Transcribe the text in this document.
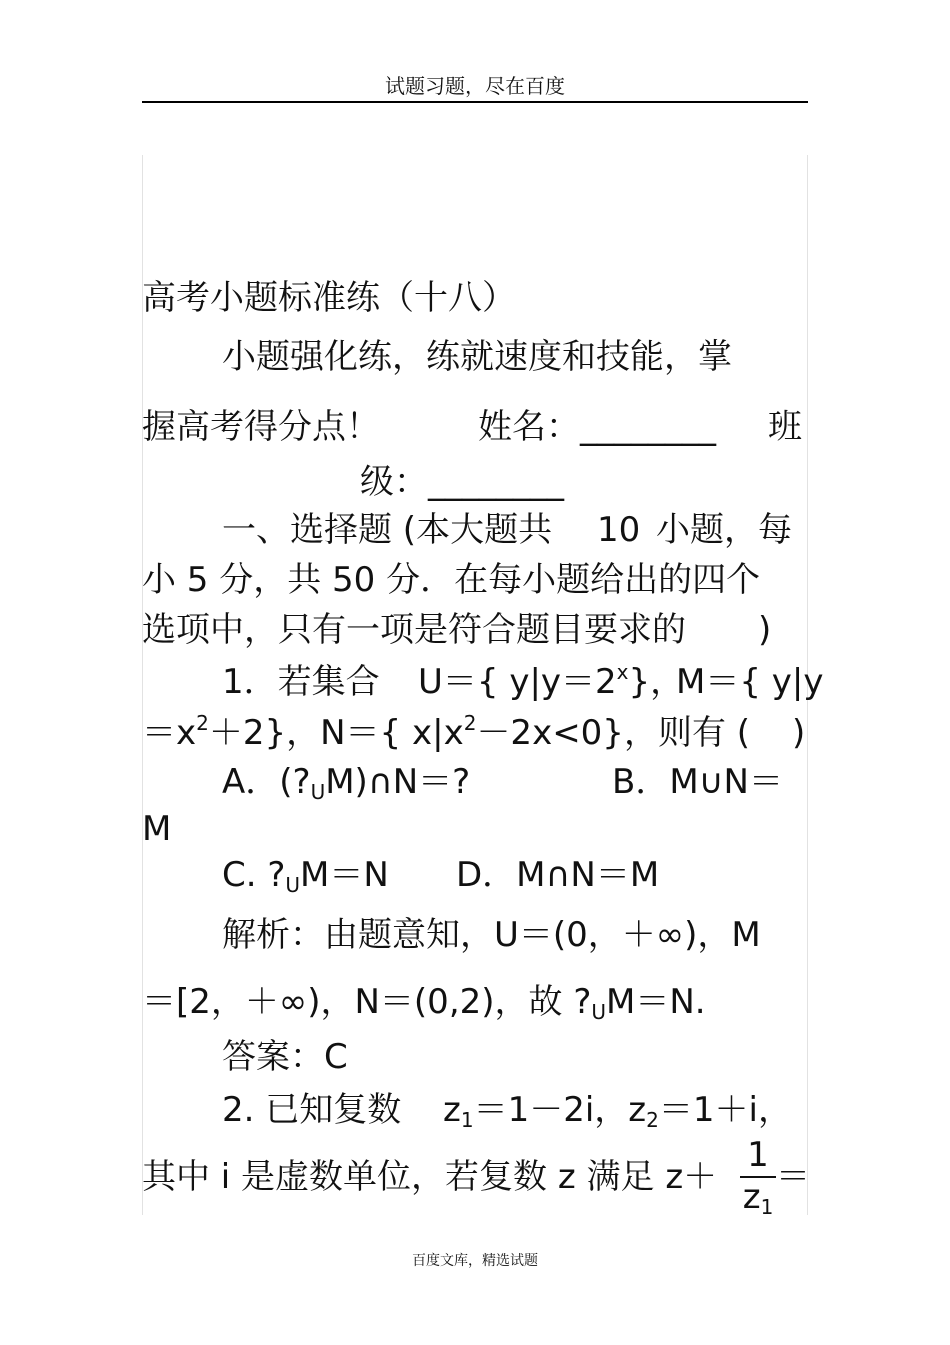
试题习题，尽在百度
高考小题标准练（十八）
小题强化练，练就速度和技能，掌
握高考得分点！	姓名：________ 班
级：________
一、选择题 (本大题共 10 小题，每
小 5 分，共 50 分．在每小题给出的四个
选项中，只有一项是符合题目要求的 )
1．若集合 U＝{ $y|y=2^x$}，
M＝{ y|y
$=x^2+2$}，N＝{ $x|x^2-2x<0$}，则有 ( )
A．$(?_UM)\cap N=$?	B．M∪N＝
M
C. $?_UM=N$ D．M∩N＝M
解析：由题意知，U＝(0，＋∞)，M
＝[2，＋∞)，N＝(0,2)，故 $?_UM=N$.
答案：C
2. 已知复数 $z_1=1-2i$，$z_2=1+i$，
其中 i 是虚数单位，若复数 z 满足 z＋
1
$z_1$
＝
百度文库，精选试题
